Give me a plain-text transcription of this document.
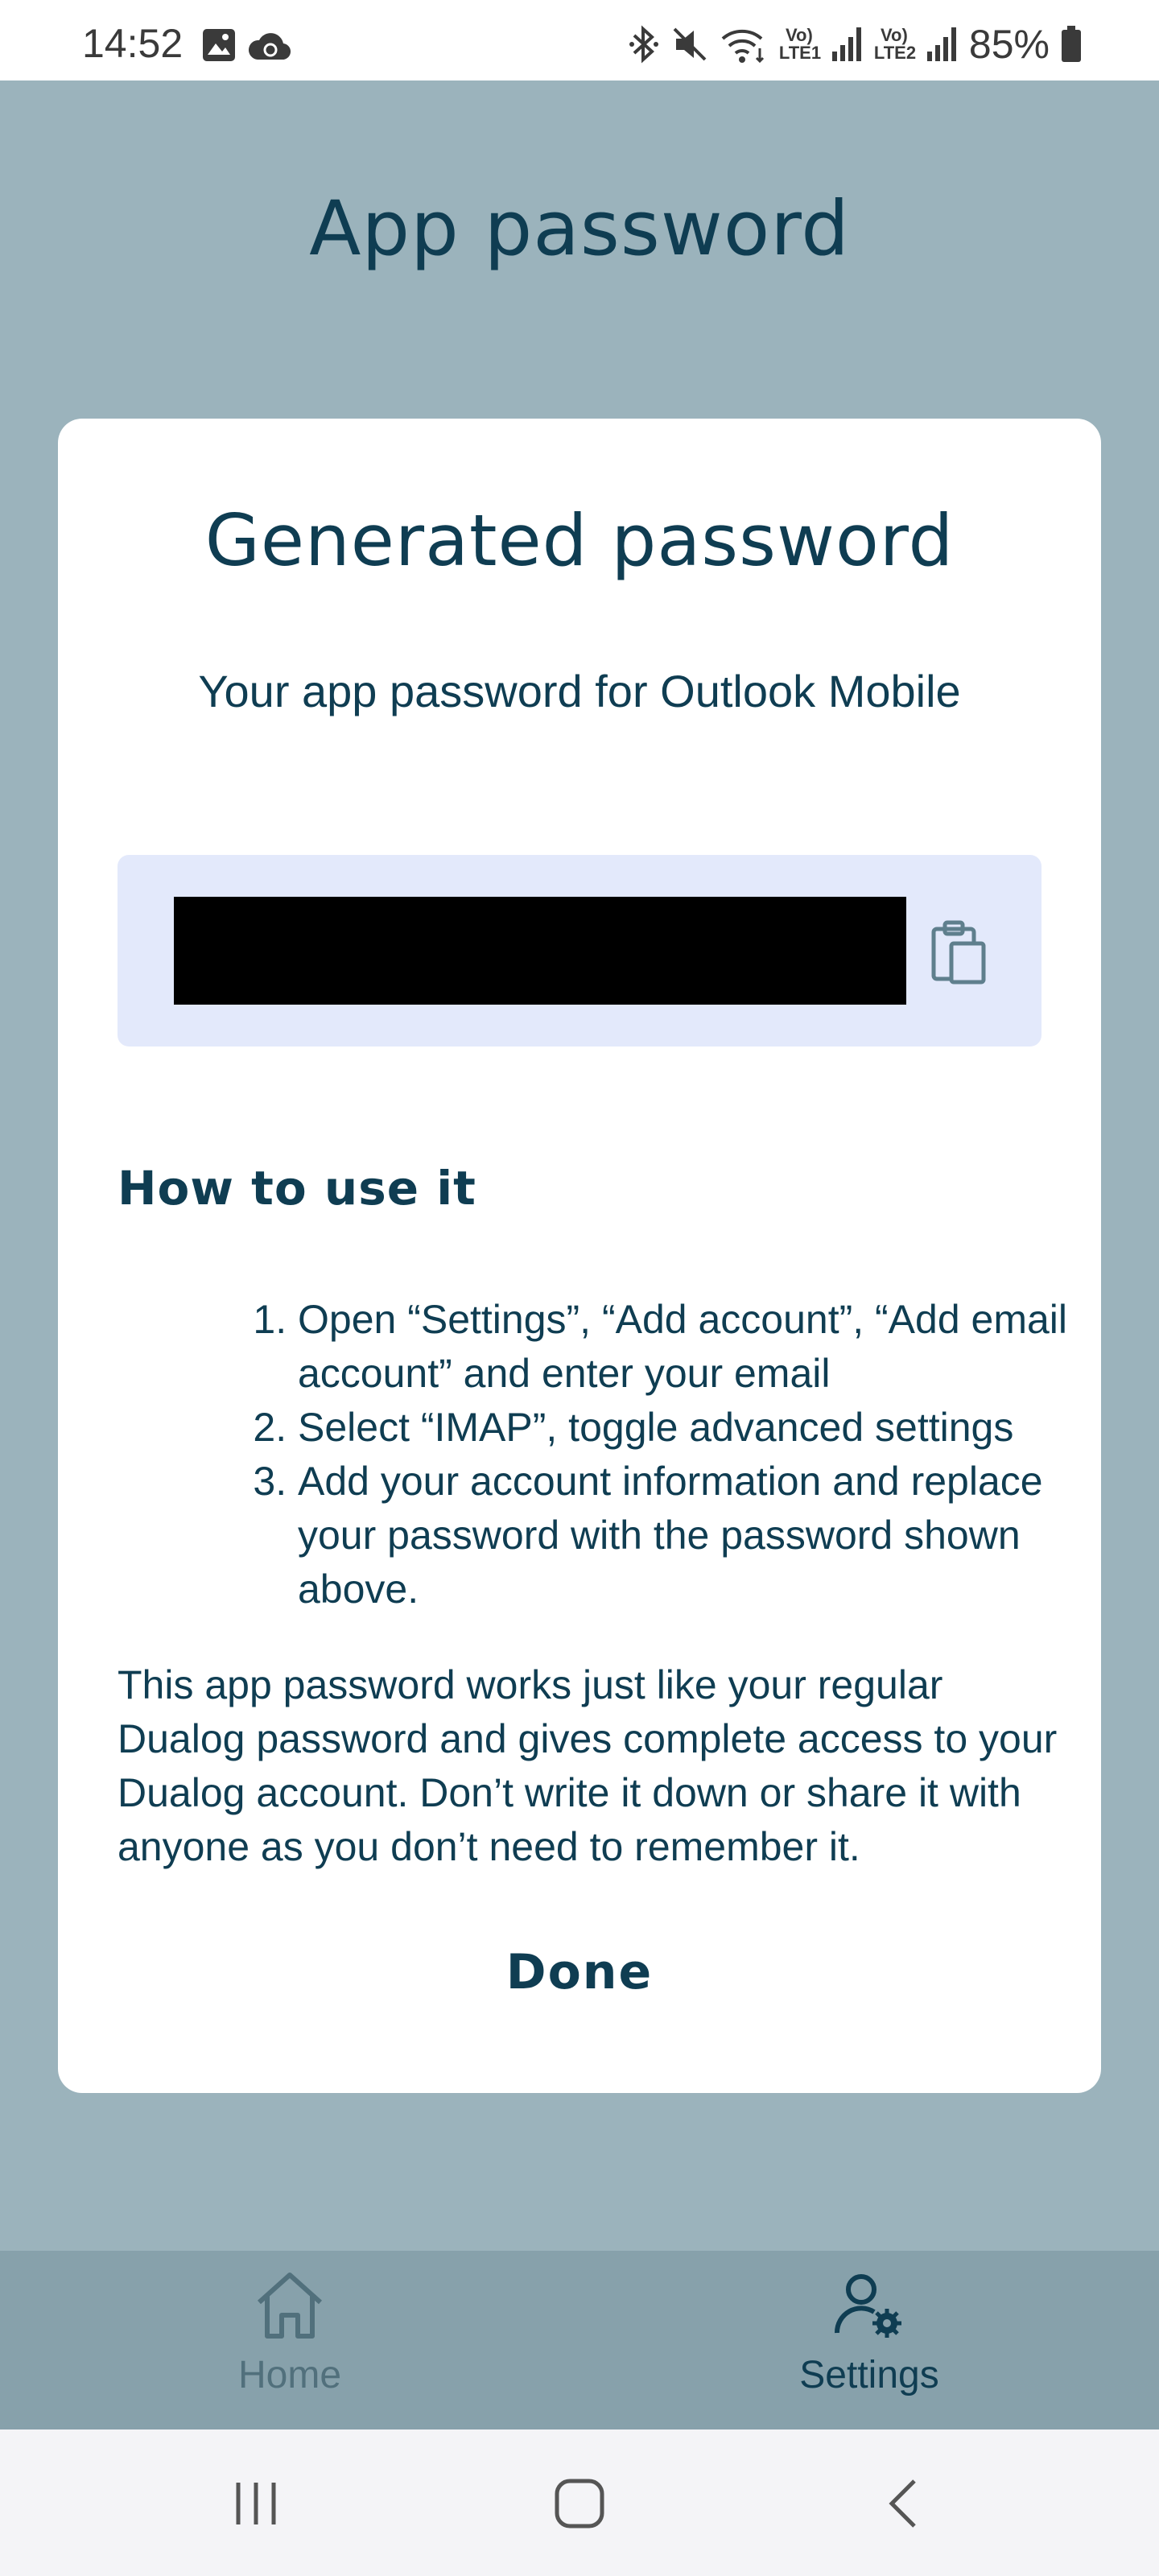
14:52	Vo) LTE1
Vo) LTE2 85%
App password
Home	Settings
Generated password
Your app password for Outlook Mobile
How to use it
1. Open “Settings”, “Add account”, “Add email account” and enter your email
2. Select “IMAP”, toggle advanced settings
3. Add your account information and replace your password with the password shown above.

This app password works just like your regular Dualog password and gives complete access to your Dualog account. Don’t write it down or share it with anyone as you don’t need to remember it.

Done
